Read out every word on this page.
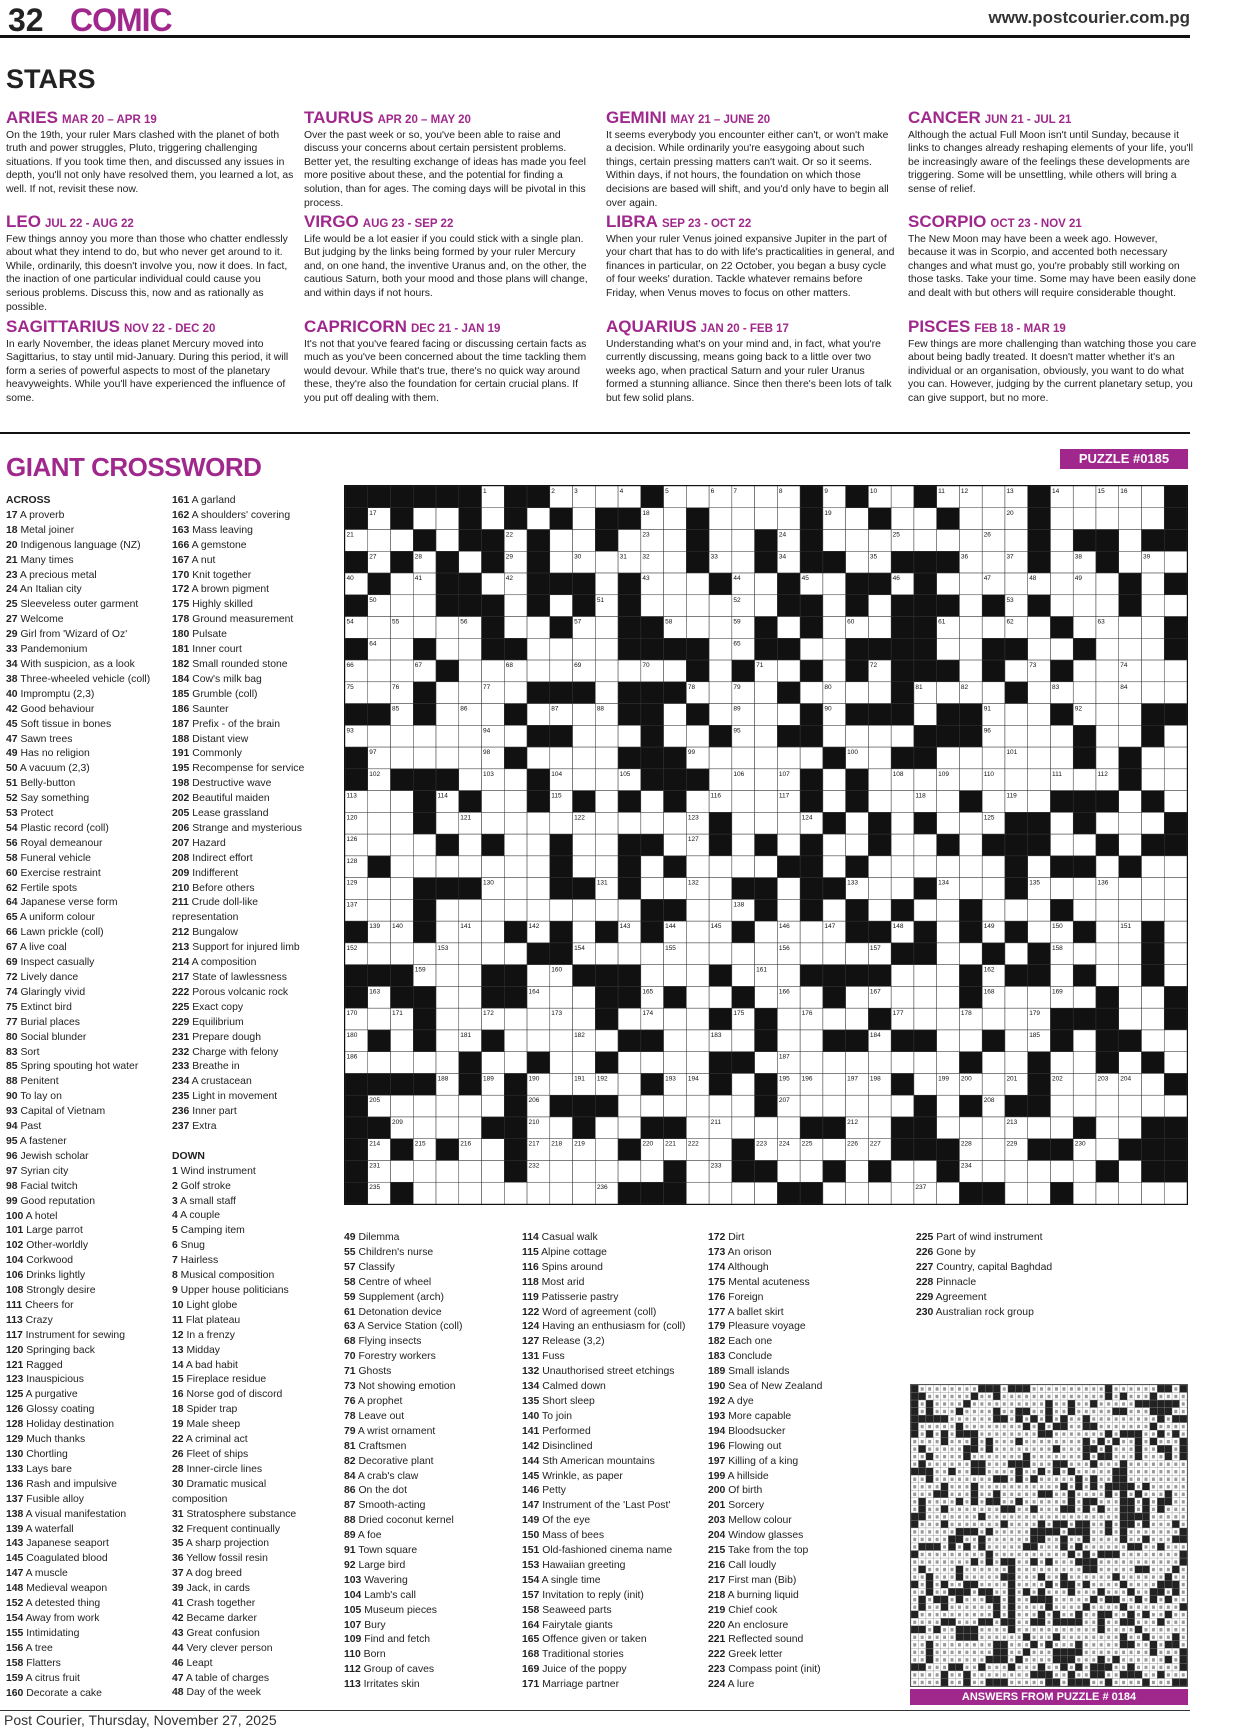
32 COMIC	www.postcourier.com.pg
STARS
ARIES MAR 20 – APR 19
On the 19th, your ruler Mars clashed with the planet of both truth and power struggles, Pluto, triggering challenging situations. If you took time then, and discussed any issues in depth, you'll not only have resolved them, you learned a lot, as well. If not, revisit these now.
TAURUS APR 20 – MAY 20
Over the past week or so, you've been able to raise and discuss your concerns about certain persistent problems. Better yet, the resulting exchange of ideas has made you feel more positive about these, and the potential for finding a solution, than for ages. The coming days will be pivotal in this process.
GEMINI MAY 21 – JUNE 20
It seems everybody you encounter either can't, or won't make a decision. While ordinarily you're easygoing about such things, certain pressing matters can't wait. Or so it seems. Within days, if not hours, the foundation on which those decisions are based will shift, and you'd only have to begin all over again.
CANCER JUN 21 - JUL 21
Although the actual Full Moon isn't until Sunday, because it links to changes already reshaping elements of your life, you'll be increasingly aware of the feelings these developments are triggering. Some will be unsettling, while others will bring a sense of relief.
LEO JUL 22 - AUG 22
Few things annoy you more than those who chatter endlessly about what they intend to do, but who never get around to it. While, ordinarily, this doesn't involve you, now it does. In fact, the inaction of one particular individual could cause you serious problems. Discuss this, now and as rationally as possible.
VIRGO AUG 23 - SEP 22
Life would be a lot easier if you could stick with a single plan. But judging by the links being formed by your ruler Mercury and, on one hand, the inventive Uranus and, on the other, the cautious Saturn, both your mood and those plans will change, and within days if not hours.
LIBRA SEP 23 - OCT 22
When your ruler Venus joined expansive Jupiter in the part of your chart that has to do with life's practicalities in general, and finances in particular, on 22 October, you began a busy cycle of four weeks' duration. Tackle whatever remains before Friday, when Venus moves to focus on other matters.
SCORPIO OCT 23 - NOV 21
The New Moon may have been a week ago. However, because it was in Scorpio, and accented both necessary changes and what must go, you're probably still working on those tasks. Take your time. Some may have been easily done and dealt with but others will require considerable thought.
SAGITTARIUS NOV 22 - DEC 20
In early November, the ideas planet Mercury moved into Sagittarius, to stay until mid-January. During this period, it will form a series of powerful aspects to most of the planetary heavyweights. While you'll have experienced the influence of some.
CAPRICORN DEC 21 - JAN 19
It's not that you've feared facing or discussing certain facts as much as you've been concerned about the time tackling them would devour. While that's true, there's no quick way around these, they're also the foundation for certain crucial plans. If you put off dealing with them.
AQUARIUS JAN 20 - FEB 17
Understanding what's on your mind and, in fact, what you're currently discussing, means going back to a little over two weeks ago, when practical Saturn and your ruler Uranus formed a stunning alliance. Since then there's been lots of talk but few solid plans.
PISCES FEB 18 - MAR 19
Few things are more challenging than watching those you care about being badly treated. It doesn't matter whether it's an individual or an organisation, obviously, you want to do what you can. However, judging by the current planetary setup, you can give support, but no more.
GIANT CROSSWORD	PUZZLE #0185
ACROSS
17 A proverb
18 Metal joiner
20 Indigenous language (NZ)
21 Many times
23 A precious metal
24 An Italian city
25 Sleeveless outer garment
27 Welcome
29 Girl from 'Wizard of Oz'
33 Pandemonium
34 With suspicion, as a look
38 Three-wheeled vehicle (coll)
40 Impromptu (2,3)
42 Good behaviour
45 Soft tissue in bones
47 Sawn trees
49 Has no religion
50 A vacuum (2,3)
51 Belly-button
52 Say something
53 Protect
54 Plastic record (coll)
56 Royal demeanour
58 Funeral vehicle
60 Exercise restraint
62 Fertile spots
64 Japanese verse form
65 A uniform colour
66 Lawn prickle (coll)
67 A live coal
69 Inspect casually
72 Lively dance
74 Glaringly vivid
75 Extinct bird
77 Burial places
80 Social blunder
83 Sort
85 Spring spouting hot water
88 Penitent
90 To lay on
93 Capital of Vietnam
94 Past
95 A fastener
96 Jewish scholar
97 Syrian city
98 Facial twitch
99 Good reputation
100 A hotel
101 Large parrot
102 Other-worldly
104 Corkwood
106 Drinks lightly
108 Strongly desire
111 Cheers for
113 Crazy
117 Instrument for sewing
120 Springing back
121 Ragged
123 Inauspicious
125 A purgative
126 Glossy coating
128 Holiday destination
129 Much thanks
130 Chortling
133 Lays bare
136 Rash and impulsive
137 Fusible alloy
138 A visual manifestation
139 A waterfall
143 Japanese seaport
145 Coagulated blood
147 A muscle
148 Medieval weapon
152 A detested thing
154 Away from work
155 Intimidating
156 A tree
158 Flatters
159 A citrus fruit
160 Decorate a cake
161 A garland
162 A shoulders' covering
163 Mass leaving
166 A gemstone
167 A nut
170 Knit together
172 A brown pigment
175 Highly skilled
178 Ground measurement
180 Pulsate
181 Inner court
182 Small rounded stone
184 Cow's milk bag
185 Grumble (coll)
186 Saunter
187 Prefix - of the brain
188 Distant view
191 Commonly
195 Recompense for service
198 Destructive wave
202 Beautiful maiden
205 Lease grassland
206 Strange and mysterious
207 Hazard
208 Indirect effort
209 Indifferent
210 Before others
211 Crude doll-like
representation
212 Bungalow
213 Support for injured limb
214 A composition
217 State of lawlessness
222 Porous volcanic rock
225 Exact copy
229 Equilibrium
231 Prepare dough
232 Charge with felony
233 Breathe in
234 A crustacean
235 Light in movement
236 Inner part
237 Extra
DOWN
1 Wind instrument
2 Golf stroke
3 A small staff
4 A couple
5 Camping item
6 Snug
7 Hairless
8 Musical composition
9 Upper house politicians
10 Light globe
11 Flat plateau
12 In a frenzy
13 Midday
14 A bad habit
15 Fireplace residue
16 Norse god of discord
18 Spider trap
19 Male sheep
22 A criminal act
26 Fleet of ships
28 Inner-circle lines
30 Dramatic musical
composition
31 Stratosphere substance
32 Frequent continually
35 A sharp projection
36 Yellow fossil resin
37 A dog breed
39 Jack, in cards
41 Crash together
42 Became darker
43 Great confusion
44 Very clever person
46 Leapt
47 A table of charges
48 Day of the week
49 Dilemma
55 Children's nurse
57 Classify
58 Centre of wheel
59 Supplement (arch)
61 Detonation device
63 A Service Station (coll)
68 Flying insects
70 Forestry workers
71 Ghosts
73 Not showing emotion
76 A prophet
78 Leave out
79 A wrist ornament
81 Craftsmen
82 Decorative plant
84 A crab's claw
86 On the dot
87 Smooth-acting
88 Dried coconut kernel
89 A foe
91 Town square
92 Large bird
103 Wavering
104 Lamb's call
105 Museum pieces
107 Bury
109 Find and fetch
110 Born
112 Group of caves
113 Irritates skin
114 Casual walk
115 Alpine cottage
116 Spins around
118 Most arid
119 Patisserie pastry
122 Word of agreement (coll)
124 Having an enthusiasm for (coll)
127 Release (3,2)
131 Fuss
132 Unauthorised street etchings
134 Calmed down
135 Short sleep
140 To join
141 Performed
142 Disinclined
144 Sth American mountains
145 Wrinkle, as paper
146 Petty
147 Instrument of the 'Last Post'
149 Of the eye
150 Mass of bees
151 Old-fashioned cinema name
153 Hawaiian greeting
154 A single time
157 Invitation to reply (init)
158 Seaweed parts
164 Fairytale giants
165 Offence given or taken
168 Traditional stories
169 Juice of the poppy
171 Marriage partner
172 Dirt
173 An orison
174 Although
175 Mental acuteness
176 Foreign
177 A ballet skirt
179 Pleasure voyage
182 Each one
183 Conclude
189 Small islands
190 Sea of New Zealand
192 A dye
193 More capable
194 Bloodsucker
196 Flowing out
197 Killing of a king
199 A hillside
200 Of birth
201 Sorcery
203 Mellow colour
204 Window glasses
215 Take from the top
216 Call loudly
217 First man (Bib)
218 A burning liquid
219 Chief cook
220 An enclosure
221 Reflected sound
222 Greek letter
223 Compass point (init)
224 A lure
225 Part of wind instrument
226 Gone by
227 Country, capital Baghdad
228 Pinnacle
229 Agreement
230 Australian rock group
1	2	3	4	5	6	7	8	9	10	11 12	13	14	15 16
17	18	19	20
21	22	23	24	25	26
27	28	29	30	31 32	33	34	35	36	37	38	39
40	41	42	43	44	45	46	47	48	49
50	51	52	53
54	55	56	57	58	59	60	61	62	63
64	65
66	67	68	69	70	71	72	73	74
75	76	77	78	79	80	81	82	83	84
85	86	87	88	89	90	91	92
93	94	95	96
97	98	99	100	101
102	103	104	105	106	107	108	109	110	111	112
113	114	115	116	117	118	119
120	121	122	123	124	125
126	127
128
129	130	131	132	133	134	135	136
137	138
139 140	141	142	143	144	145	146	147	148	149	150	151
152	153	154	155	156	157	158
159	160	161	162
163	164	165	166	167	168	169
170	171	172	173	174	175	176	177	178	179
180	181	182	183	184	185
186	187
188	189	190	191 192	193 194	195 196	197 198	199 200	201	202	203 204
205	206	207	208
209	210	211	212	213
214	215	216	217 218 219	220 221 222	223 224 225	226 227	228	229	230
231	232	233	234
235	236	237
ANSWERS FROM PUZZLE # 0184
Post Courier, Thursday, November 27, 2025
